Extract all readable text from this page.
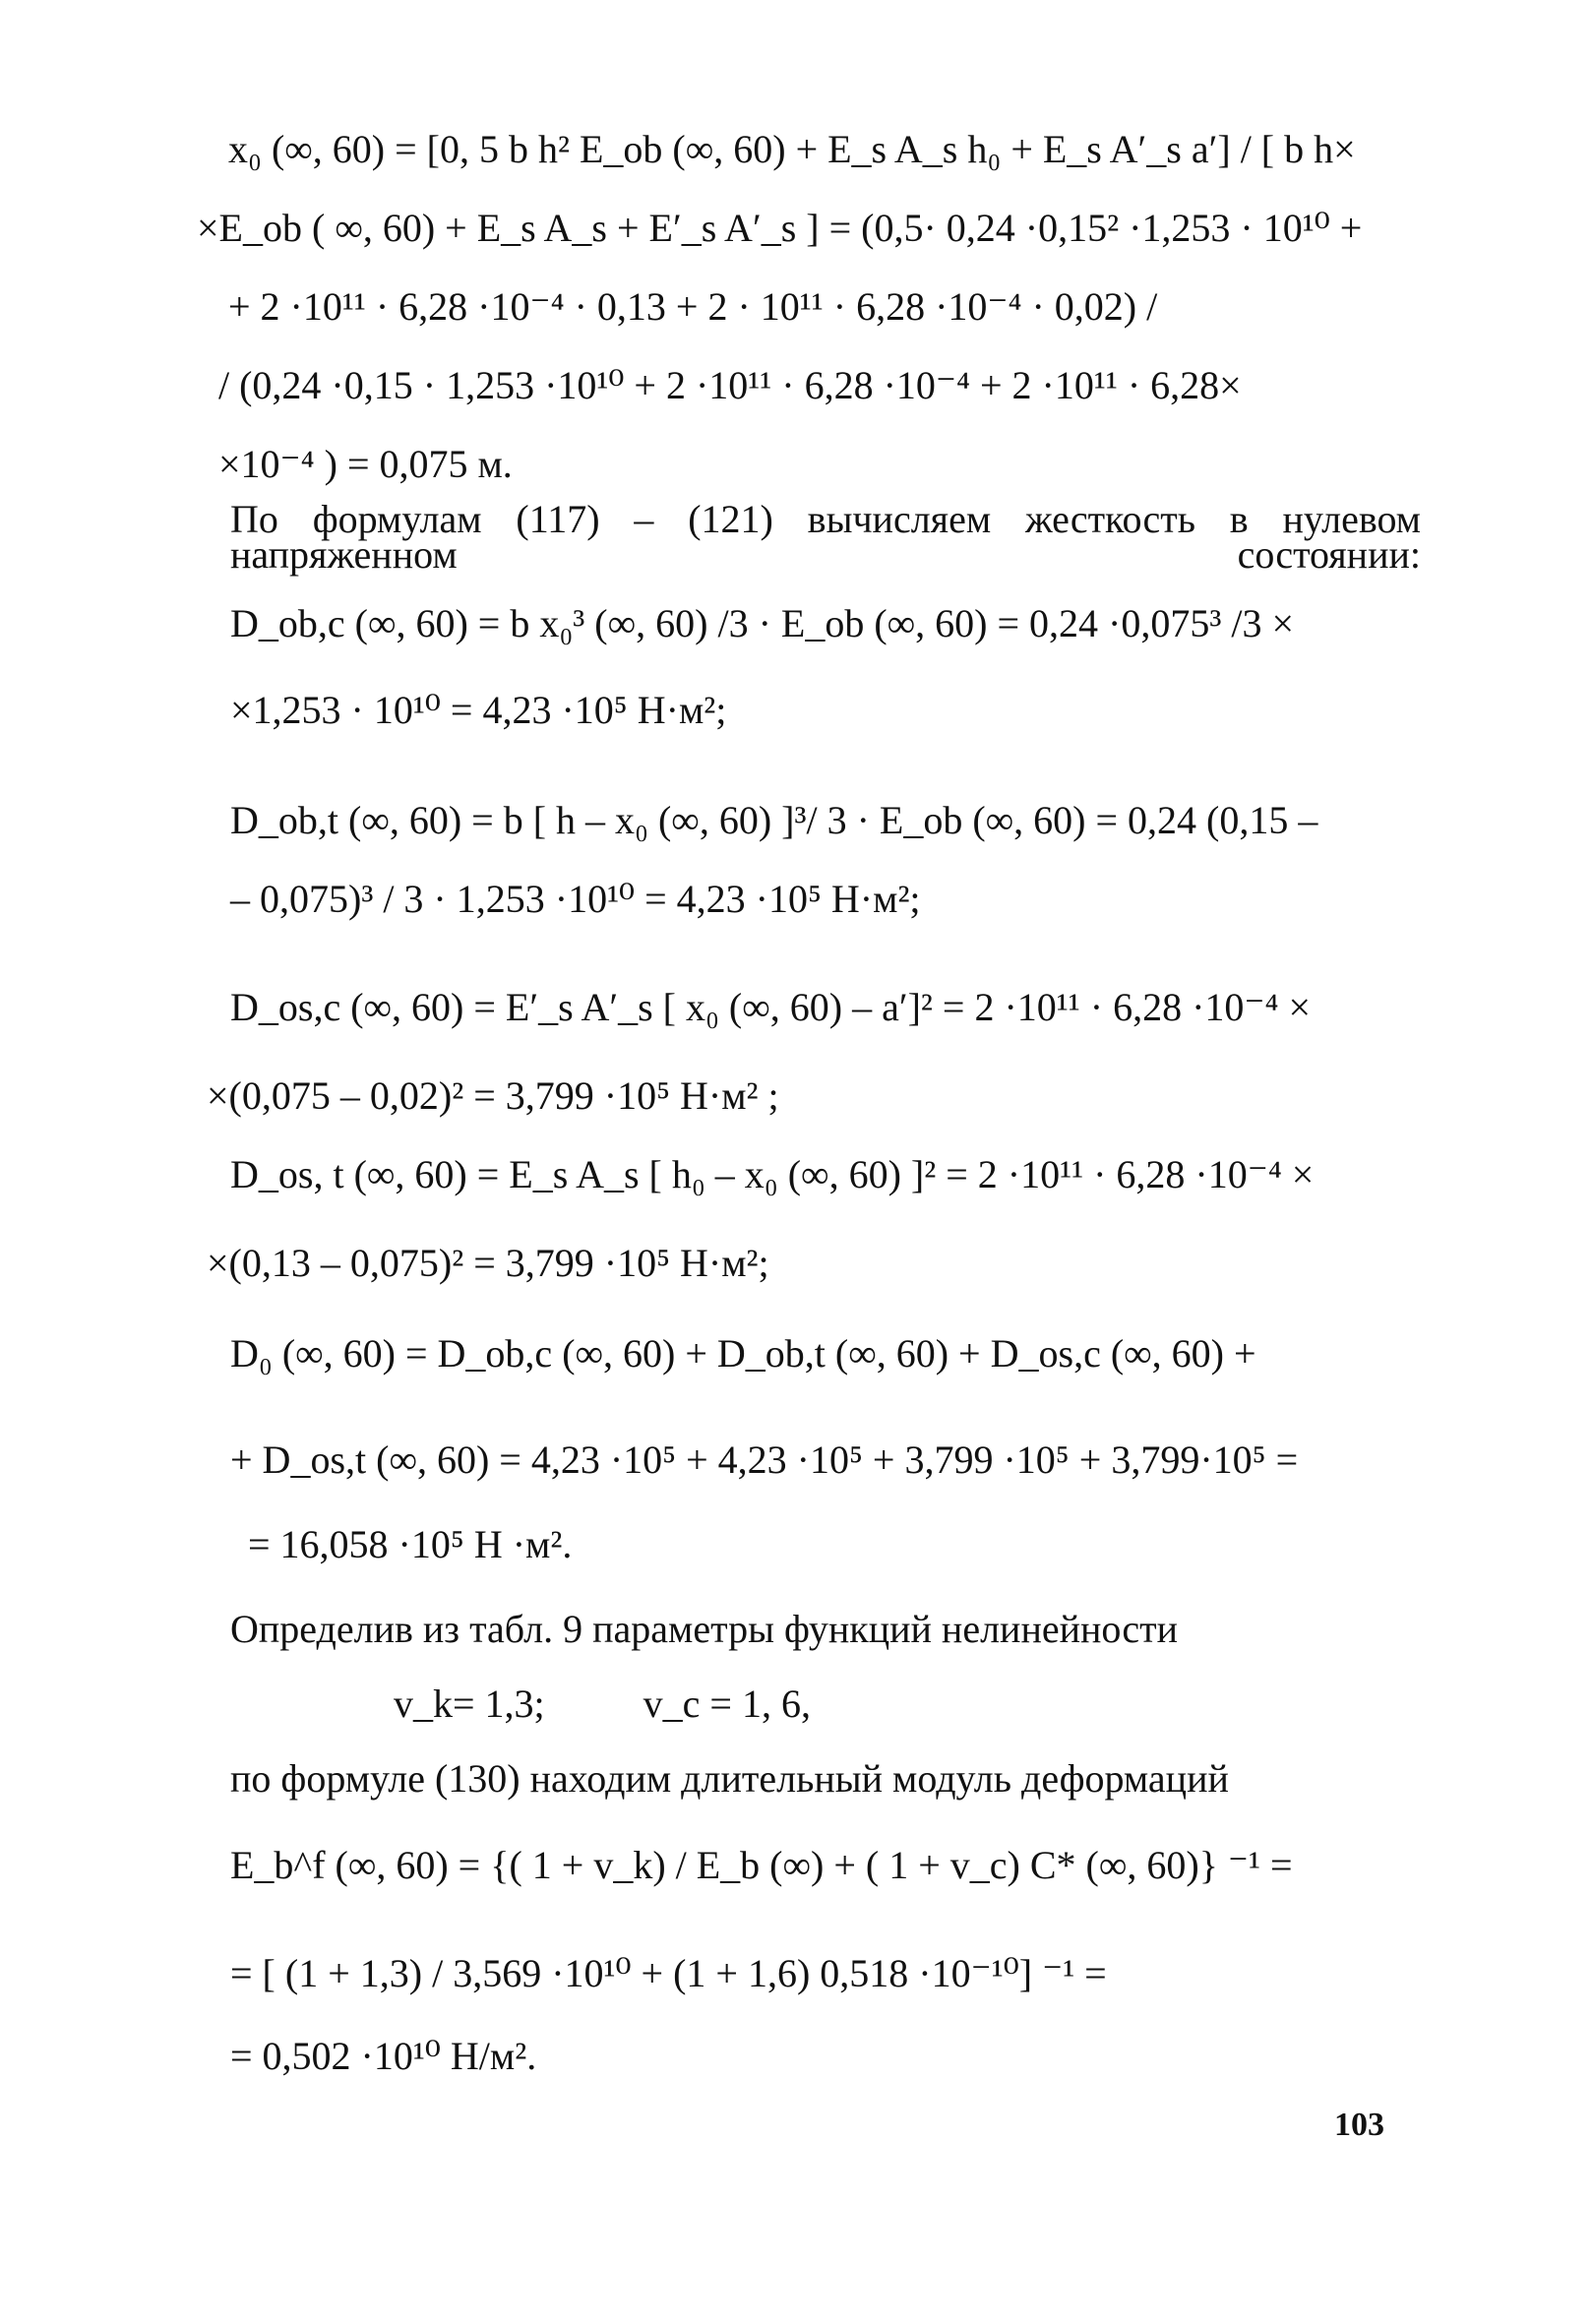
x₀ (∞, 60) = [0, 5 b h² E_ob (∞, 60) + E_s A_s h₀ + E_s A′_s a′] / [ b h×
×E_ob ( ∞, 60) + E_s A_s + E′_s A′_s ] = (0,5· 0,24 ·0,15² ·1,253 · 10¹⁰ +
+ 2 ·10¹¹ · 6,28 ·10⁻⁴ · 0,13 + 2 · 10¹¹ · 6,28 ·10⁻⁴ · 0,02) /
/ (0,24 ·0,15 · 1,253 ·10¹⁰ + 2 ·10¹¹ · 6,28 ·10⁻⁴ + 2 ·10¹¹ · 6,28×
×10⁻⁴ ) = 0,075 м.
По формулам (117) – (121) вычисляем жесткость в нулевом напряженном состоянии:
D_ob,c (∞, 60) = b x₀³ (∞, 60) /3 · E_ob (∞, 60) = 0,24 ·0,075³ /3 ×
×1,253 · 10¹⁰ = 4,23 ·10⁵ Н·м²;
D_ob,t (∞, 60) = b [ h – x₀ (∞, 60) ]³/ 3 · E_ob (∞, 60) = 0,24 (0,15 –
– 0,075)³ / 3 · 1,253 ·10¹⁰ = 4,23 ·10⁵ Н·м²;
D_os,c (∞, 60) = E′_s A′_s [ x₀ (∞, 60) – a′]² = 2 ·10¹¹ · 6,28 ·10⁻⁴ ×
×(0,075 – 0,02)² = 3,799 ·10⁵ Н·м² ;
D_os, t (∞, 60) = E_s A_s [ h₀ – x₀ (∞, 60) ]² = 2 ·10¹¹ · 6,28 ·10⁻⁴ ×
×(0,13 – 0,075)² = 3,799 ·10⁵ Н·м²;
D₀ (∞, 60) = D_ob,c (∞, 60) + D_ob,t (∞, 60) + D_os,c (∞, 60) +
+ D_os,t (∞, 60) = 4,23 ·10⁵ + 4,23 ·10⁵ + 3,799 ·10⁵ + 3,799·10⁵ =
= 16,058 ·10⁵ Н ·м².
Определив из табл. 9 параметры функций нелинейности
v_k= 1,3;          v_c = 1, 6,
по формуле (130) находим длительный модуль деформаций
E_b^f (∞, 60) = {( 1 + v_k) / E_b (∞) + ( 1 + v_c) C* (∞, 60)} ⁻¹ =
= [ (1 + 1,3) / 3,569 ·10¹⁰ + (1 + 1,6) 0,518 ·10⁻¹⁰] ⁻¹ =
= 0,502 ·10¹⁰ Н/м².
103
